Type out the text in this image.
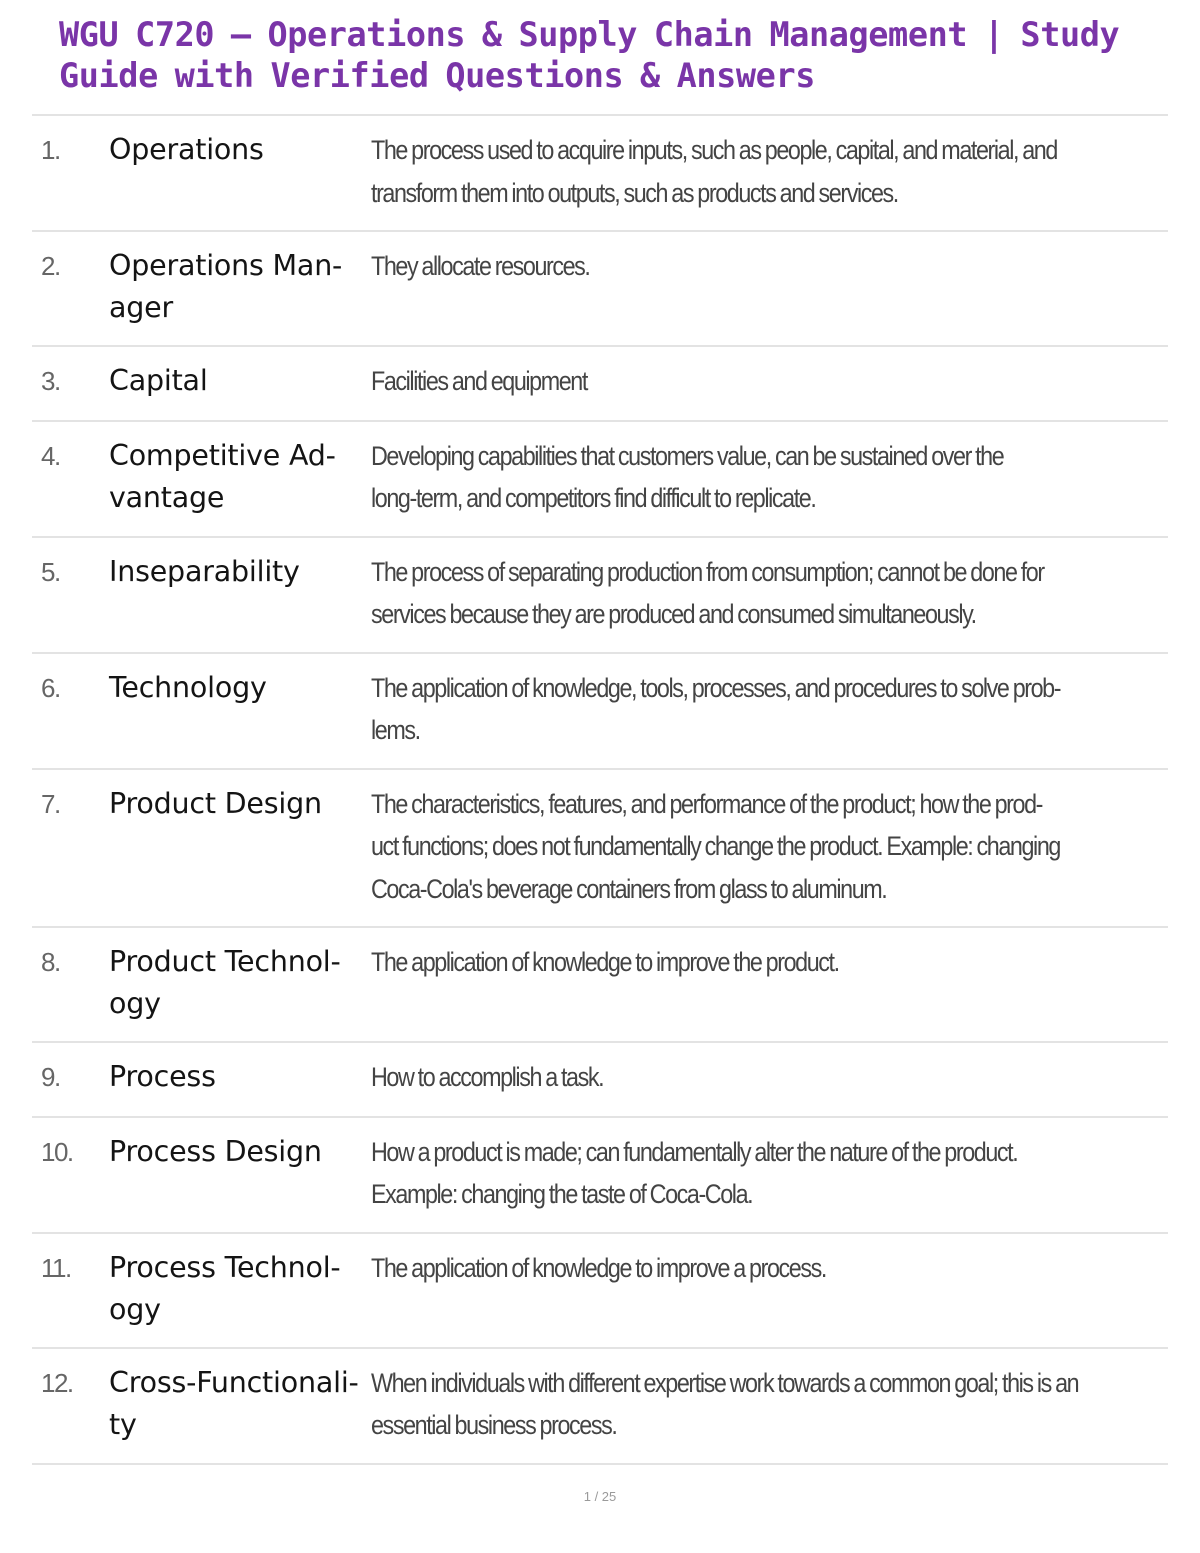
WGU C720 – Operations & Supply Chain Management | Study
Guide with Verified Questions & Answers
1.	Operations	The process used to acquire inputs, such as people, capital, and material, and
transform them into outputs, such as products and services.
2.	Operations Man-
ager
They allocate resources.
3.	Capital	Facilities and equipment
4.	Competitive Ad-
vantage
Developing capabilities that customers value, can be sustained over the
long-term, and competitors find difficult to replicate.
5.	Inseparability	The process of separating production from consumption; cannot be done for
services because they are produced and consumed simultaneously.
6.	Technology	The application of knowledge, tools, processes, and procedures to solve prob-
lems.
7.	Product Design	The characteristics, features, and performance of the product; how the prod-
uct functions; does not fundamentally change the product. Example: changing
Coca-Cola's beverage containers from glass to aluminum.
8.	Product Technol-
ogy
The application of knowledge to improve the product.
9.	Process	How to accomplish a task.
10.	Process Design	How a product is made; can fundamentally alter the nature of the product.
Example: changing the taste of Coca-Cola.
11.	Process Technol-
ogy
The application of knowledge to improve a process.
12.	Cross-Functionali-
ty
When individuals with different expertise work towards a common goal; this is an
essential business process.
1 / 25
